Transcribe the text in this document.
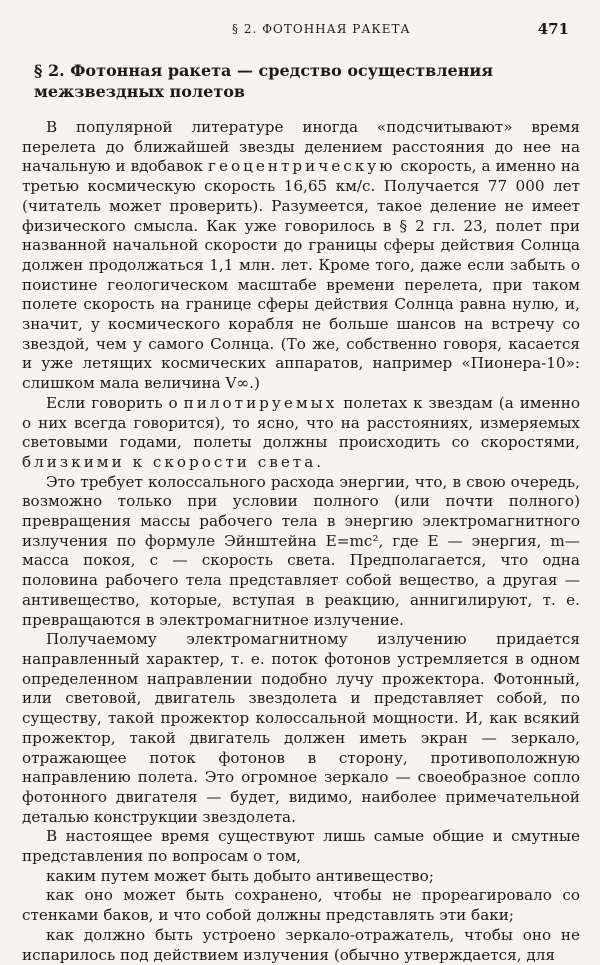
§ 2. ФОТОННАЯ РАКЕТА	471
§ 2. Фотонная ракета — средство осуществления
межзвездных полетов

В популярной литературе иногда «подсчитывают» время перелета до ближайшей звезды делением расстояния до нее на начальную и вдобавок геоцентрическую скорость, а именно на третью космическую скорость 16,65 км/с. Получается 77 000 лет (читатель может проверить). Разумеется, такое деление не имеет физического смысла. Как уже говорилось в § 2 гл. 23, полет при названной начальной скорости до границы сферы действия Солнца должен продолжаться 1,1 млн. лет. Кроме того, даже если забыть о поистине геологическом масштабе времени перелета, при таком полете скорость на границе сферы действия Солнца равна нулю, и, значит, у космического корабля не больше шансов на встречу со звездой, чем у самого Солнца. (То же, собственно говоря, касается и уже летящих космических аппаратов, например «Пионера-10»: слишком мала величина V∞.)

Если говорить о пилотируемых полетах к звездам (а именно о них всегда говорится), то ясно, что на расстояниях, измеряемых световыми годами, полеты должны происходить со скоростями, близкими к скорости света.

Это требует колоссального расхода энергии, что, в свою очередь, возможно только при условии полного (или почти полного) превращения массы рабочего тела в энергию электромагнитного излучения по формуле Эйнштейна E=mc², где E — энергия, m— масса покоя, c — скорость света. Предполагается, что одна половина рабочего тела представляет собой вещество, а другая — антивещество, которые, вступая в реакцию, аннигилируют, т. е. превращаются в электромагнитное излучение.

Получаемому электромагнитному излучению придается направленный характер, т. е. поток фотонов устремляется в одном определенном направлении подобно лучу прожектора. Фотонный, или световой, двигатель звездолета и представляет собой, по существу, такой прожектор колоссальной мощности. И, как всякий прожектор, такой двигатель должен иметь экран — зеркало, отражающее поток фотонов в сторону, противоположную направлению полета. Это огромное зеркало — своеобразное сопло фотонного двигателя — будет, видимо, наиболее примечательной деталью конструкции звездолета.

В настоящее время существуют лишь самые общие и смутные представления по вопросам о том,

каким путем может быть добыто антивещество;

как оно может быть сохранено, чтобы не прореагировало со стенками баков, и что собой должны представлять эти баки;

как должно быть устроено зеркало-отражатель, чтобы оно не испарилось под действием излучения (обычно утверждается, для
